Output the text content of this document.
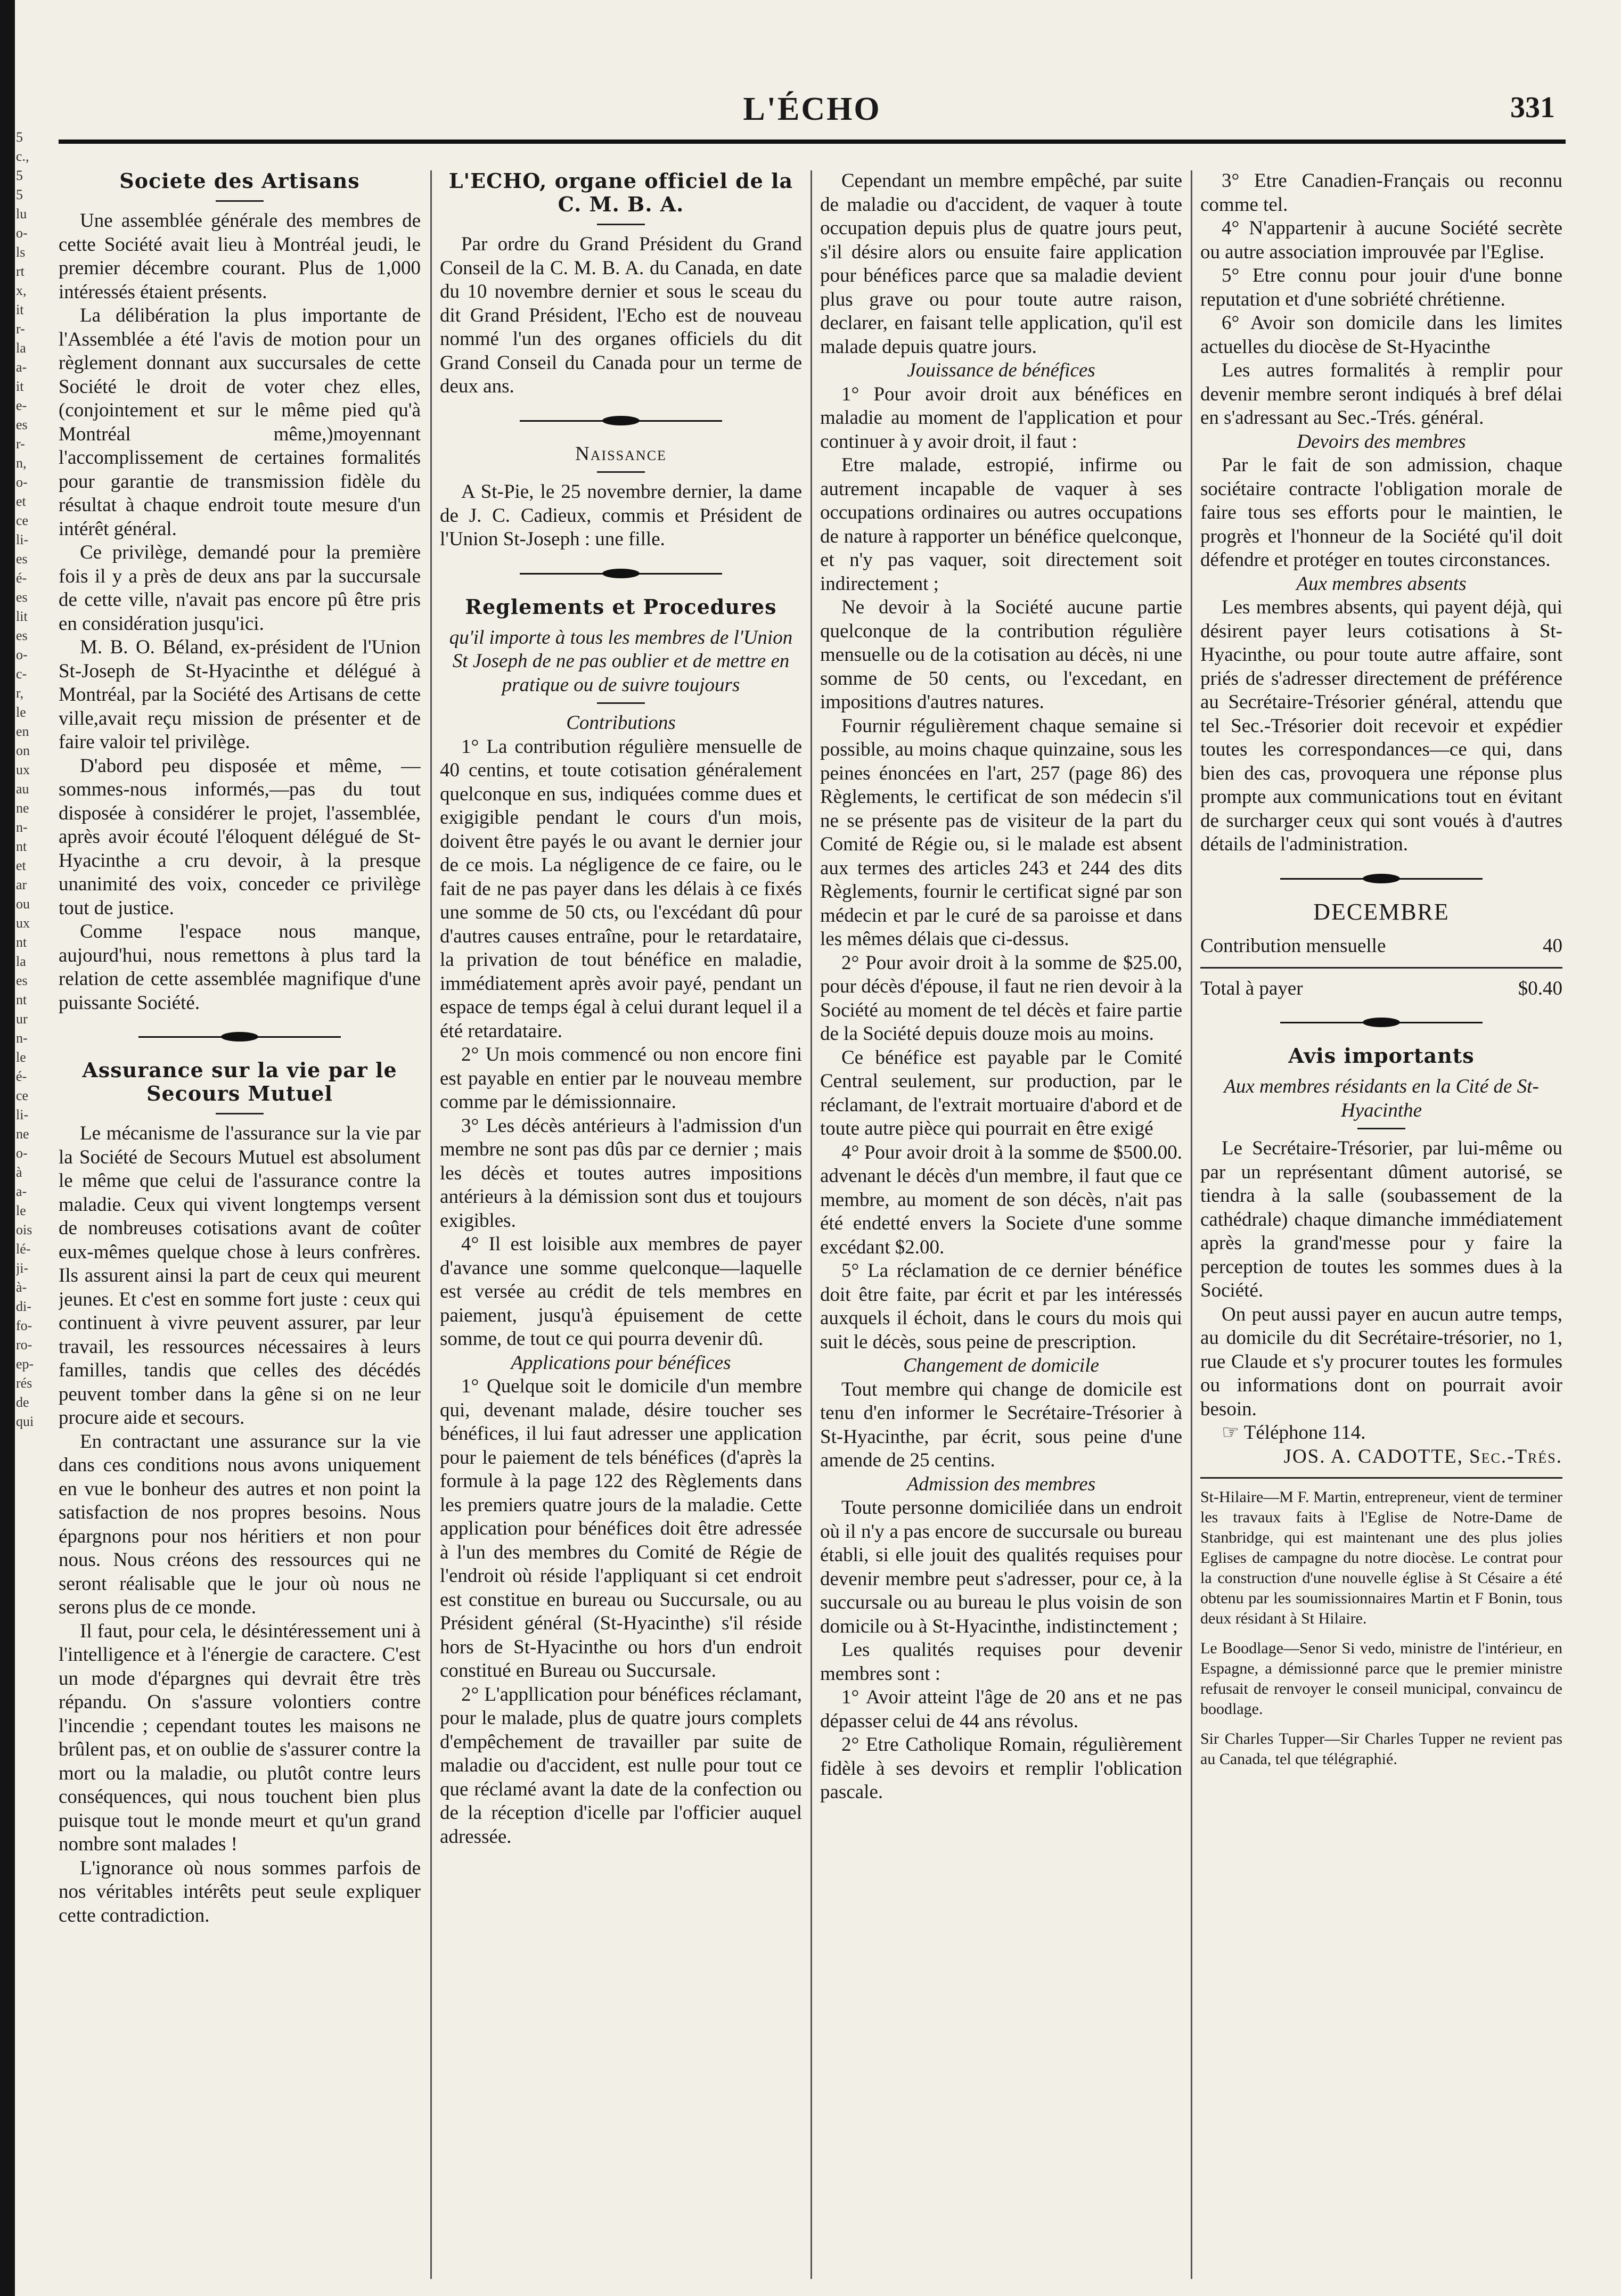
5
c.,
5
5
lu
o-
ls
rt
x,
it
r-
la
a-
it
e-
es
r-
n,
o-
et
ce
li-
es
é-
es
lit
es
o-
c-
r,
le
en
on
ux
au
ne
n-
nt
et
ar
ou
ux
nt
la
es
nt
ur
n-
le
é-
ce
li-
ne
o-
à
a-
le
ois
lé-
ji-
à-
di-
fo-
ro-
ep-
rés
de
qui
L'ÉCHO	331
Societe des Artisans

Une assemblée générale des membres de cette Société avait lieu à Montréal jeudi, le premier décembre courant. Plus de 1,000 intéressés étaient présents.

La délibération la plus importante de l'Assemblée a été l'avis de motion pour un règlement donnant aux succursales de cette Société le droit de voter chez elles, (conjointement et sur le même pied qu'à Montréal même,)moyennant l'accomplissement de certaines formalités pour garantie de transmission fidèle du résultat à chaque endroit toute mesure d'un intérêt général.

Ce privilège, demandé pour la première fois il y a près de deux ans par la succursale de cette ville, n'avait pas encore pû être pris en considération jusqu'ici.

M. B. O. Béland, ex-président de l'Union St-Joseph de St-Hyacinthe et délégué à Montréal, par la Société des Artisans de cette ville,avait reçu mission de présenter et de faire valoir tel privilège.

D'abord peu disposée et même, —sommes-nous informés,—pas du tout disposée à considérer le projet, l'assemblée, après avoir écouté l'éloquent délégué de St-Hyacinthe a cru devoir, à la presque unanimité des voix, conceder ce privilège tout de justice.

Comme l'espace nous manque, aujourd'hui, nous remettons à plus tard la relation de cette assemblée magnifique d'une puissante Société.

Assurance sur la vie par le Secours Mutuel

Le mécanisme de l'assurance sur la vie par la Société de Secours Mutuel est absolument le même que celui de l'assurance contre la maladie. Ceux qui vivent longtemps versent de nombreuses cotisations avant de coûter eux-mêmes quelque chose à leurs confrères. Ils assurent ainsi la part de ceux qui meurent jeunes. Et c'est en somme fort juste : ceux qui continuent à vivre peuvent assurer, par leur travail, les ressources nécessaires à leurs familles, tandis que celles des décédés peuvent tomber dans la gêne si on ne leur procure aide et secours.

En contractant une assurance sur la vie dans ces conditions nous avons uniquement en vue le bonheur des autres et non point la satisfaction de nos propres besoins. Nous épargnons pour nos héritiers et non pour nous. Nous créons des ressources qui ne seront réalisable que le jour où nous ne serons plus de ce monde.

Il faut, pour cela, le désintéressement uni à l'intelligence et à l'énergie de caractere. C'est un mode d'épargnes qui devrait être très répandu. On s'assure volontiers contre l'incendie ; cependant toutes les maisons ne brûlent pas, et on oublie de s'assurer contre la mort ou la maladie, ou plutôt contre leurs conséquences, qui nous touchent bien plus puisque tout le monde meurt et qu'un grand nombre sont malades !

L'ignorance où nous sommes parfois de nos véritables intérêts peut seule expliquer cette contradiction.

L'ECHO, organe officiel de la C. M. B. A.

Par ordre du Grand Président du Grand Conseil de la C. M. B. A. du Canada, en date du 10 novembre dernier et sous le sceau du dit Grand Président, l'Echo est de nouveau nommé l'un des organes officiels du dit Grand Conseil du Canada pour un terme de deux ans.

Naissance

A St-Pie, le 25 novembre dernier, la dame de J. C. Cadieux, commis et Président de l'Union St-Joseph : une fille.

Reglements et Procedures

qu'il importe à tous les membres de l'Union St Joseph de ne pas oublier et de mettre en pratique ou de suivre toujours

Contributions

1° La contribution régulière mensuelle de 40 centins, et toute cotisation généralement quelconque en sus, indiquées comme dues et exigigible pendant le cours d'un mois, doivent être payés le ou avant le dernier jour de ce mois. La négligence de ce faire, ou le fait de ne pas payer dans les délais à ce fixés une somme de 50 cts, ou l'excédant dû pour d'autres causes entraîne, pour le retardataire, la privation de tout bénéfice en maladie, immédiatement après avoir payé, pendant un espace de temps égal à celui durant lequel il a été retardataire.

2° Un mois commencé ou non encore fini est payable en entier par le nouveau membre comme par le démissionnaire.

3° Les décès antérieurs à l'admission d'un membre ne sont pas dûs par ce dernier ; mais les décès et toutes autres impositions antérieurs à la démission sont dus et toujours exigibles.

4° Il est loisible aux membres de payer d'avance une somme quelconque—laquelle est versée au crédit de tels membres en paiement, jusqu'à épuisement de cette somme, de tout ce qui pourra devenir dû.

Applications pour bénéfices

1° Quelque soit le domicile d'un membre qui, devenant malade, désire toucher ses bénéfices, il lui faut adresser une application pour le paiement de tels bénéfices (d'après la formule à la page 122 des Règlements dans les premiers quatre jours de la maladie. Cette application pour bénéfices doit être adressée à l'un des membres du Comité de Régie de l'endroit où réside l'appliquant si cet endroit est constitue en bureau ou Succursale, ou au Président général (St-Hyacinthe) s'il réside hors de St-Hyacinthe ou hors d'un endroit constitué en Bureau ou Succursale.

2° L'appllication pour bénéfices réclamant, pour le malade, plus de quatre jours complets d'empêchement de travailler par suite de maladie ou d'accident, est nulle pour tout ce que réclamé avant la date de la confection ou de la réception d'icelle par l'officier auquel adressée.

Cependant un membre empêché, par suite de maladie ou d'accident, de vaquer à toute occupation depuis plus de quatre jours peut, s'il désire alors ou ensuite faire application pour bénéfices parce que sa maladie devient plus grave ou pour toute autre raison, declarer, en faisant telle application, qu'il est malade depuis quatre jours.

Jouissance de bénéfices

1° Pour avoir droit aux bénéfices en maladie au moment de l'application et pour continuer à y avoir droit, il faut :

Etre malade, estropié, infirme ou autrement incapable de vaquer à ses occupations ordinaires ou autres occupations de nature à rapporter un bénéfice quelconque, et n'y pas vaquer, soit directement soit indirectement ;

Ne devoir à la Société aucune partie quelconque de la contribution régulière mensuelle ou de la cotisation au décès, ni une somme de 50 cents, ou l'excedant, en impositions d'autres natures.

Fournir régulièrement chaque semaine si possible, au moins chaque quinzaine, sous les peines énoncées en l'art, 257 (page 86) des Règlements, le certificat de son médecin s'il ne se présente pas de visiteur de la part du Comité de Régie ou, si le malade est absent aux termes des articles 243 et 244 des dits Règlements, fournir le certificat signé par son médecin et par le curé de sa paroisse et dans les mêmes délais que ci-dessus.

2° Pour avoir droit à la somme de $25.00, pour décès d'épouse, il faut ne rien devoir à la Société au moment de tel décès et faire partie de la Société depuis douze mois au moins.

Ce bénéfice est payable par le Comité Central seulement, sur production, par le réclamant, de l'extrait mortuaire d'abord et de toute autre pièce qui pourrait en être exigé

4° Pour avoir droit à la somme de $500.00. advenant le décès d'un membre, il faut que ce membre, au moment de son décès, n'ait pas été endetté envers la Societe d'une somme excédant $2.00.

5° La réclamation de ce dernier bénéfice doit être faite, par écrit et par les intéressés auxquels il échoit, dans le cours du mois qui suit le décès, sous peine de prescription.

Changement de domicile

Tout membre qui change de domicile est tenu d'en informer le Secrétaire-Trésorier à St-Hyacinthe, par écrit, sous peine d'une amende de 25 centins.

Admission des membres

Toute personne domiciliée dans un endroit où il n'y a pas encore de succursale ou bureau établi, si elle jouit des qualités requises pour devenir membre peut s'adresser, pour ce, à la succursale ou au bureau le plus voisin de son domicile ou à St-Hyacinthe, indistinctement ;

Les qualités requises pour devenir membres sont :

1° Avoir atteint l'âge de 20 ans et ne pas dépasser celui de 44 ans révolus.

2° Etre Catholique Romain, régulièrement fidèle à ses devoirs et remplir l'oblication pascale.

3° Etre Canadien-Français ou reconnu comme tel.

4° N'appartenir à aucune Société secrète ou autre association improuvée par l'Eglise.

5° Etre connu pour jouir d'une bonne reputation et d'une sobriété chrétienne.

6° Avoir son domicile dans les limites actuelles du diocèse de St-Hyacinthe

Les autres formalités à remplir pour devenir membre seront indiqués à bref délai en s'adressant au Sec.-Trés. général.

Devoirs des membres

Par le fait de son admission, chaque sociétaire contracte l'obligation morale de faire tous ses efforts pour le maintien, le progrès et l'honneur de la Société qu'il doit défendre et protéger en toutes circonstances.

Aux membres absents

Les membres absents, qui payent déjà, qui désirent payer leurs cotisations à St-Hyacinthe, ou pour toute autre affaire, sont priés de s'adresser directement de préférence au Secrétaire-Trésorier général, attendu que tel Sec.-Trésorier doit recevoir et expédier toutes les correspondances—ce qui, dans bien des cas, provoquera une réponse plus prompte aux communications tout en évitant de surcharger ceux qui sont voués à d'autres détails de l'administration.

DECEMBRE
Contribution mensuelle	40
Total à payer	$0.40
Avis importants

Aux membres résidants en la Cité de St-Hyacinthe

Le Secrétaire-Trésorier, par lui-même ou par un représentant dûment autorisé, se tiendra à la salle (soubassement de la cathédrale) chaque dimanche immédiatement après la grand'messe pour y faire la perception de toutes les sommes dues à la Société.

On peut aussi payer en aucun autre temps, au domicile du dit Secrétaire-trésorier, no 1, rue Claude et s'y procurer toutes les formules ou informations dont on pourrait avoir besoin.

☞ Téléphone 114.

JOS. A. CADOTTE, Sec.-Trés.

St-Hilaire—M F. Martin, entrepreneur, vient de terminer les travaux faits à l'Eglise de Notre-Dame de Stanbridge, qui est maintenant une des plus jolies Eglises de campagne du notre diocèse. Le contrat pour la construction d'une nouvelle église à St Césaire a été obtenu par les soumissionnaires Martin et F Bonin, tous deux résidant à St Hilaire.

Le Boodlage—Senor Si vedo, ministre de l'intérieur, en Espagne, a démissionné parce que le premier ministre refusait de renvoyer le conseil municipal, convaincu de boodlage.

Sir Charles Tupper—Sir Charles Tupper ne revient pas au Canada, tel que télégraphié.
